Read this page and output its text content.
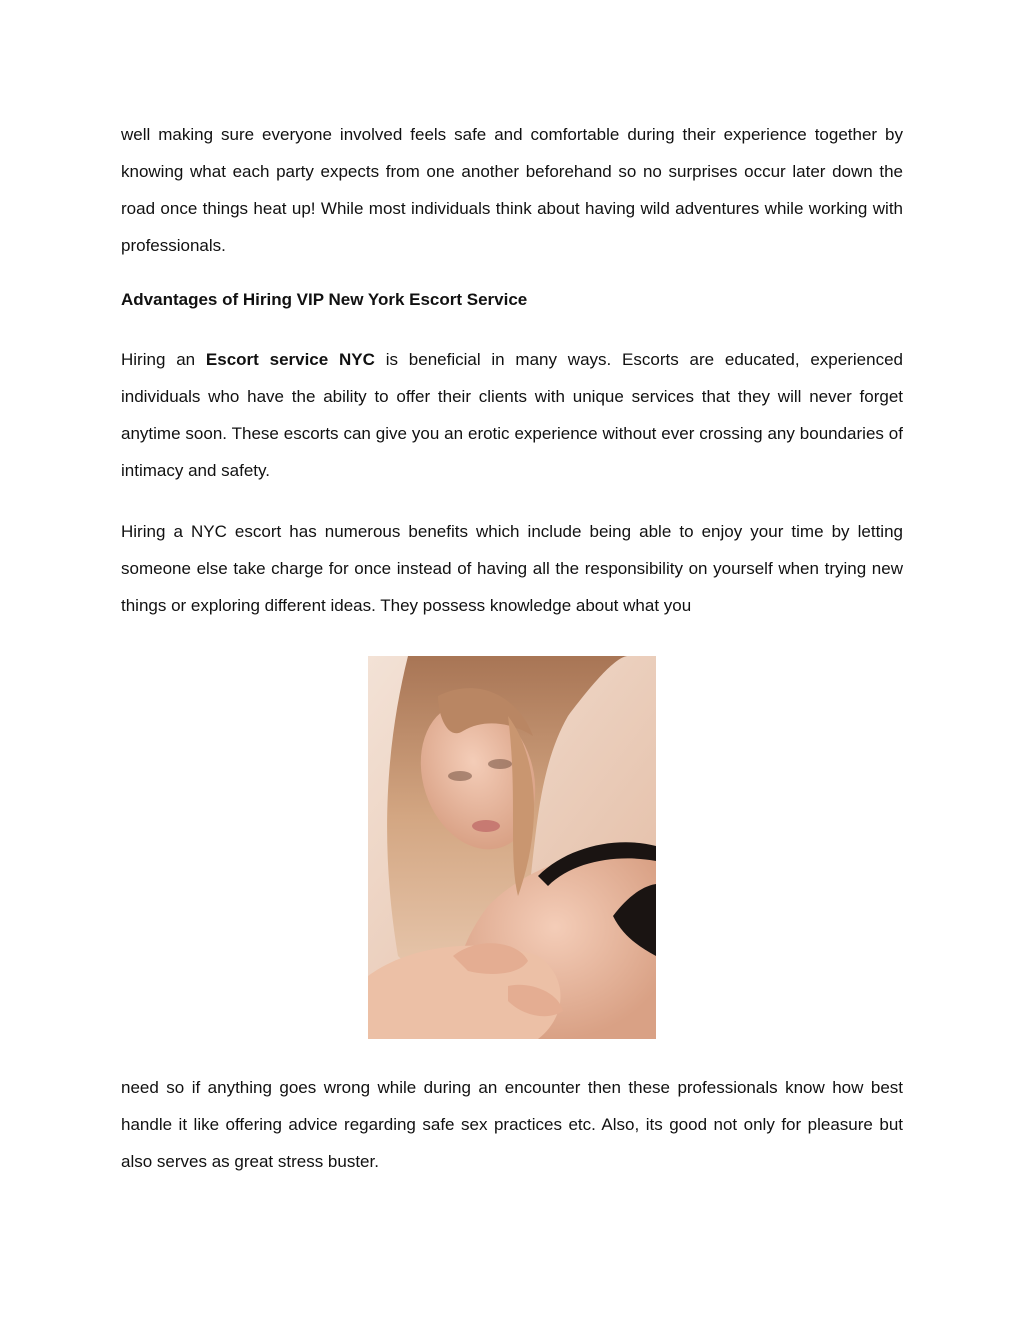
well making sure everyone involved feels safe and comfortable during their experience together by knowing what each party expects from one another beforehand so no surprises occur later down the road once things heat up! While most individuals think about having wild adventures while working with professionals.

Advantages of Hiring VIP New York Escort Service

Hiring an Escort service NYC is beneficial in many ways. Escorts are educated, experienced individuals who have the ability to offer their clients with unique services that they will never forget anytime soon. These escorts can give you an erotic experience without ever crossing any boundaries of intimacy and safety.

Hiring a NYC escort has numerous benefits which include being able to enjoy your time by letting someone else take charge for once instead of having all the responsibility on yourself when trying new things or exploring different ideas. They possess knowledge about what you

need so if anything goes wrong while during an encounter then these professionals know how best handle it like offering advice regarding safe sex practices etc. Also, its good not only for pleasure but also serves as great stress buster.
